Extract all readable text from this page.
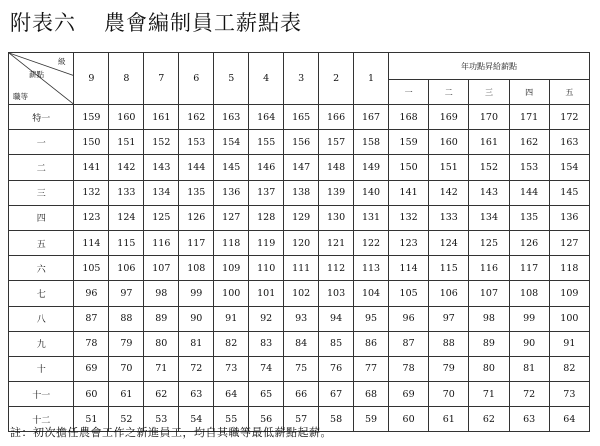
附表六 農會編制員工薪點表
級
薪點
職等	9	8	7	6	5	4	3	2	1	年功點昇給薪點				
										一	二	三	四	五
特一	159	160	161	162	163	164	165	166	167	168	169	170	171	172
一	150	151	152	153	154	155	156	157	158	159	160	161	162	163
二	141	142	143	144	145	146	147	148	149	150	151	152	153	154
三	132	133	134	135	136	137	138	139	140	141	142	143	144	145
四	123	124	125	126	127	128	129	130	131	132	133	134	135	136
五	114	115	116	117	118	119	120	121	122	123	124	125	126	127
六	105	106	107	108	109	110	111	112	113	114	115	116	117	118
七	96	97	98	99	100	101	102	103	104	105	106	107	108	109
八	87	88	89	90	91	92	93	94	95	96	97	98	99	100
九	78	79	80	81	82	83	84	85	86	87	88	89	90	91
十	69	70	71	72	73	74	75	76	77	78	79	80	81	82
十一	60	61	62	63	64	65	66	67	68	69	70	71	72	73
十二	51	52	53	54	55	56	57	58	59	60	61	62	63	64
註：初次擔任農會工作之新進員工，均自其職等最低薪點起薪。
